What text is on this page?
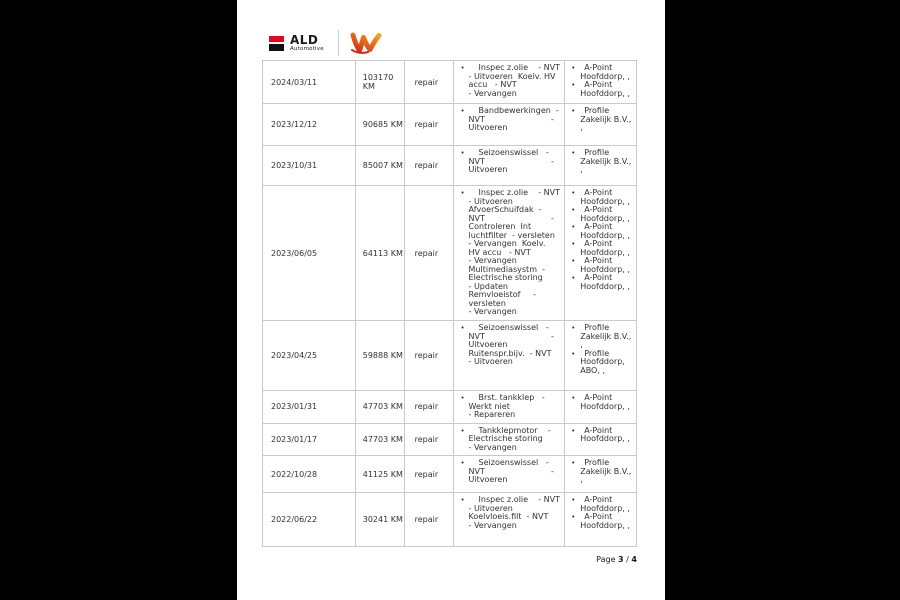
ALD
Automotive
2024/03/11	103170 KM	repair
•	Inspec z.olie    - NVT
- Uitvoeren  Koelv. HV
accu   - NVT
- Vervangen
•	A-Point Hoofddorp, ,
•	A-Point Hoofddorp, ,
2023/12/12	90685 KM	repair
•	Bandbewerkingen  -
NVT                          -
Uitvoeren
•	Profile Zakelijk B.V., ,
2023/10/31	85007 KM	repair
•	Seizoenswissel   -
NVT                          -
Uitvoeren
•	Profile Zakelijk B.V., ,
2023/06/05	64113 KM	repair
•	Inspec z.olie    - NVT
- Uitvoeren
AfvoerSchuifdak  -
NVT                          -
Controleren  Int
luchtfilter  - versleten
- Vervangen  Koelv.
HV accu   - NVT
- Vervangen
Multimediasystm  -
Electrische storing
- Updaten
Remvloeistof     -
versleten
- Vervangen
•	A-Point Hoofddorp, ,
•	A-Point Hoofddorp, ,
•	A-Point Hoofddorp, ,
•	A-Point Hoofddorp, ,
•	A-Point Hoofddorp, ,
•	A-Point Hoofddorp, ,
2023/04/25	59888 KM	repair
•	Seizoenswissel   -
NVT                          -
Uitvoeren
Ruitenspr.bijv.  - NVT
- Uitvoeren
•	Profile Zakelijk B.V., ,
•	Profile Hoofddorp, ABO, ,
2023/01/31	47703 KM	repair
•	Brst. tankklep   -
Werkt niet
- Repareren
•	A-Point Hoofddorp, ,
2023/01/17	47703 KM	repair
•	Tankklepmotor    -
Electrische storing
- Vervangen
•	A-Point Hoofddorp, ,
2022/10/28	41125 KM	repair
•	Seizoenswissel   -
NVT                          -
Uitvoeren
•	Profile Zakelijk B.V., ,
2022/06/22	30241 KM	repair
•	Inspec z.olie    - NVT
- Uitvoeren
Koelvloeis.filt  - NVT
- Vervangen
•	A-Point Hoofddorp, ,
•	A-Point Hoofddorp, ,
Page 3 / 4
